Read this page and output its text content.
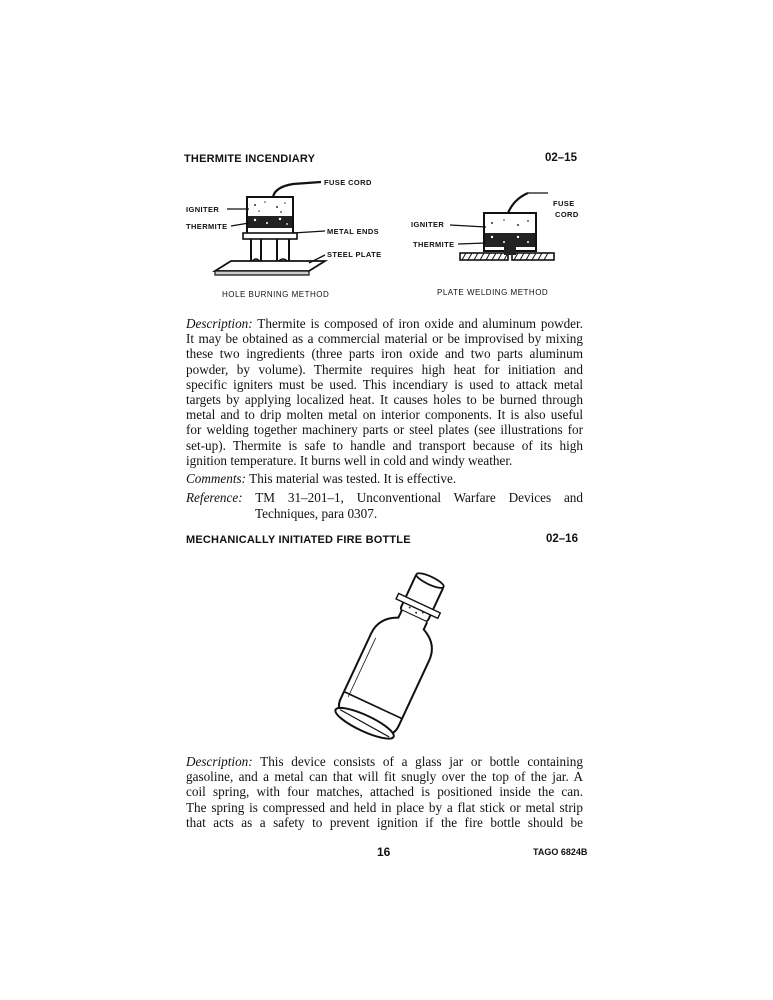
THERMITE INCENDIARY	02–15
FUSE CORD
IGNITER
THERMITE
METAL ENDS
STEEL PLATE
HOLE BURNING METHOD
FUSE
CORD
IGNITER
THERMITE
PLATE WELDING METHOD
Description: Thermite is composed of iron oxide and aluminum powder.
It may be obtained as a commercial material or be improvised by mixing
these two ingredients (three parts iron oxide and two parts aluminum
powder, by volume). Thermite requires high heat for initiation and
specific igniters must be used. This incendiary is used to attack metal
targets by applying localized heat. It causes holes to be burned through
metal and to drip molten metal on interior components. It is also useful
for welding together machinery parts or steel plates (see illustrations for
set-up). Thermite is safe to handle and transport because of its high
ignition temperature. It burns well in cold and windy weather.
Comments: This material was tested. It is effective.
Reference: TM 31–201–1, Unconventional Warfare Devices and
Techniques, para 0307.
MECHANICALLY INITIATED FIRE BOTTLE	02–16
Description: This device consists of a glass jar or bottle containing
gasoline, and a metal can that will fit snugly over the top of the jar. A
coil spring, with four matches, attached is positioned inside the can.
The spring is compressed and held in place by a flat stick or metal strip
that acts as a safety to prevent ignition if the fire bottle should be
16	TAGO 6824B
